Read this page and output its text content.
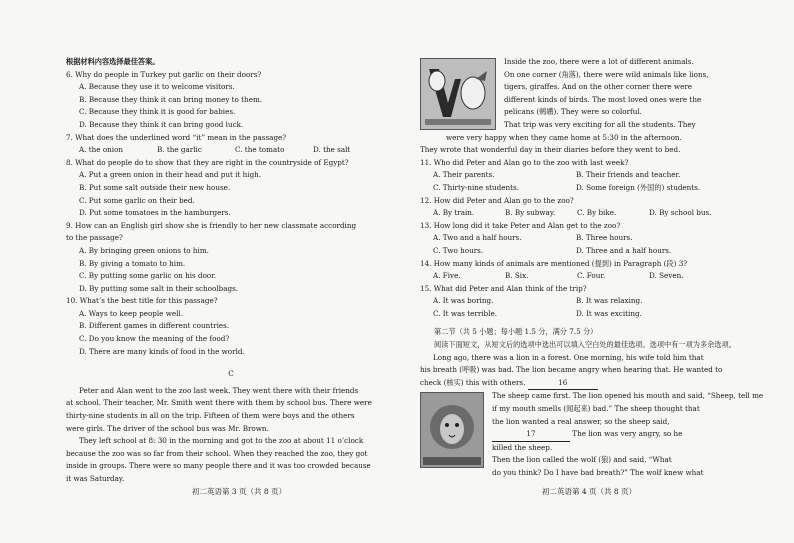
根据材料内容选择最佳答案。
6. Why do people in Turkey put garlic on their doors?
A. Because they use it to welcome visitors.
B. Because they think it can bring money to them.
C. Because they think it is good for babies.
D. Because they think it can bring good luck.
7. What does the underlined word “it” mean in the passage?
A. the onion	B. the garlic	C. the tomato	D. the salt
8. What do people do to show that they are right in the countryside of Egypt?
A. Put a green onion in their head and put it high.
B. Put some salt outside their new house.
C. Put some garlic on their bed.
D. Put some tomatoes in the hamburgers.
9. How can an English girl show she is friendly to her new classmate according
to the passage?
A. By bringing green onions to him.
B. By giving a tomato to him.
C. By putting some garlic on his door.
D. By putting some salt in their schoolbags.
10. What’s the best title for this passage?
A. Ways to keep people well.
B. Different games in different countries.
C. Do you know the meaning of the food?
D. There are many kinds of food in the world.
C
Peter and Alan went to the zoo last week. They went there with their friends
at school. Their teacher, Mr. Smith went there with them by school bus. There were
thirty-nine students in all on the trip. Fifteen of them were boys and the others
were girls. The driver of the school bus was Mr. Brown.
They left school at 8: 30 in the morning and got to the zoo at about 11 o’clock
because the zoo was so far from their school. When they reached the zoo, they got
inside in groups. There were so many people there and it was too crowded because
it was Saturday.
初二英语第 3 页（共 8 页）
Inside the zoo, there were a lot of different animals.
On one corner (角落), there were wild animals like lions,
tigers, giraffes. And on the other corner there were
different kinds of birds. The most loved ones were the
pelicans (鹈鹕). They were so colorful.
That trip was very exciting for all the students. They
were very happy when they came home at 5:30 in the afternoon.
They wrote that wonderful day in their diaries before they went to bed.
11. Who did Peter and Alan go to the zoo with last week?
A. Their parents.	B. Their friends and teacher.
C. Thirty-nine students.	D. Some foreign (外国的) students.
12. How did Peter and Alan go to the zoo?
A. By train.	B. By subway.	C. By bike.	D. By school bus.
13. How long did it take Peter and Alan get to the zoo?
A. Two and a half hours.	B. Three hours.
C. Two hours.	D. Three and a half hours.
14. How many kinds of animals are mentioned (提到) in Paragraph (段) 3?
A. Five.	B. Six.	C. Four.	D. Seven.
15. What did Peter and Alan think of the trip?
A. It was boring.	B. It was relaxing.
C. It was terrible.	D. It was exciting.
第二节（共 5 小题；每小题 1.5 分，满分 7.5 分）
阅读下面短文，从短文后的选项中选出可以填入空白处的最佳选项。选项中有一项为多余选项。
Long ago, there was a lion in a forest. One morning, his wife told him that
his breath (呼吸) was bad. The lion became angry when hearing that. He wanted to
check (核实) this with others.	16
The sheep came first. The lion opened his mouth and said, “Sheep, tell me
if my mouth smells (闻起来) bad.” The sheep thought that
the lion wanted a real answer, so the sheep said,
17	The lion was very angry, so he
killed the sheep.
Then the lion called the wolf (狼) and said, “What
do you think? Do I have bad breath?” The wolf knew what
初二英语第 4 页（共 8 页）
